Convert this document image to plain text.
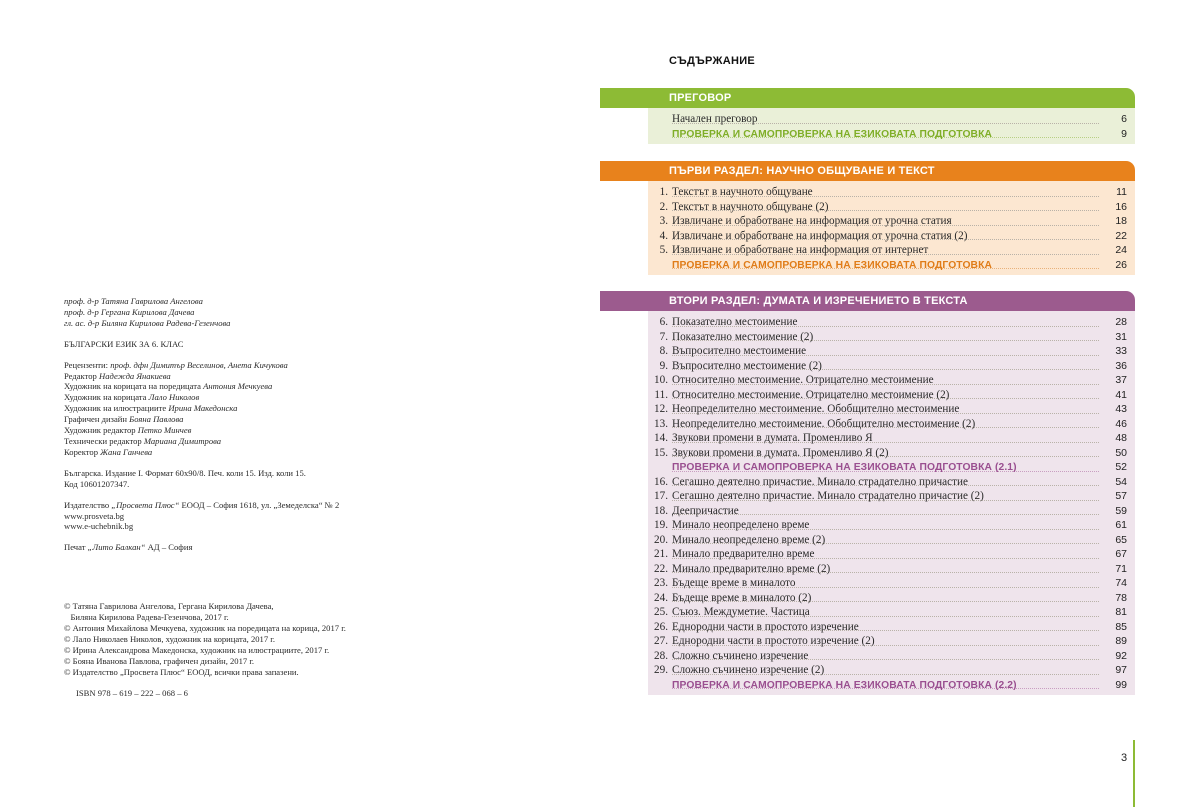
проф. д-р Татяна Гаврилова Ангелова
проф. д-р Гергана Кирилова Дачева
гл. ас. д-р Биляна Кирилова Радева-Гезенчова
БЪЛГАРСКИ ЕЗИК ЗА 6. КЛАС
Рецензенти: проф. дфн Димитър Веселинов, Анета Кичукова
Редактор Надежда Янакиева
Художник на корицата на поредицата Антония Мечкуева
Художник на корицата Лало Николов
Художник на илюстрациите Ирина Македонска
Графичен дизайн Бояна Павлова
Художник редактор Петко Минчев
Технически редактор Мариана Димитрова
Коректор Жана Ганчева
Българска. Издание I. Формат 60х90/8. Печ. коли 15. Изд. коли 15.
Код 10601207347.
Издателство „Просвета Плюс“ ЕООД – София 1618, ул. „Земеделска“ № 2
www.prosveta.bg
www.e-uchebnik.bg
Печат „Лито Балкан“ АД – София
© Татяна Гаврилова Ангелова, Гергана Кирилова Дачева,
Биляна Кирилова Радева-Гезенчова, 2017 г.
© Антония Михайлова Мечкуева, художник на поредицата на корица, 2017 г.
© Лало Николаев Николов, художник на корицата, 2017 г.
© Ирина Александрова Македонска, художник на илюстрациите, 2017 г.
© Бояна Иванова Павлова, графичен дизайн, 2017 г.
© Издателство „Просвета Плюс“ ЕООД, всички права запазени.
ISBN 978 – 619 – 222 – 068 – 6
СЪДЪРЖАНИЕ
ПРЕГОВОР
Начален преговор	6
ПРОВЕРКА И САМОПРОВЕРКА НА ЕЗИКОВАТА ПОДГОТОВКА	9
ПЪРВИ РАЗДЕЛ: НАУЧНО ОБЩУВАНЕ И ТЕКСТ
1. Текстът в научното общуване	11
2. Текстът в научното общуване (2)	16
3. Извличане и обработване на информация от урочна статия	18
4. Извличане и обработване на информация от урочна статия (2)	22
5. Извличане и обработване на информация от интернет	24
ПРОВЕРКА И САМОПРОВЕРКА НА ЕЗИКОВАТА ПОДГОТОВКА	26
ВТОРИ РАЗДЕЛ: ДУМАТА И ИЗРЕЧЕНИЕТО В ТЕКСТА
6. Показателно местоимение	28
7. Показателно местоимение (2)	31
8. Въпросително местоимение	33
9. Въпросително местоимение (2)	36
10. Относително местоимение. Отрицателно местоимение	37
11. Относително местоимение. Отрицателно местоимение (2)	41
12. Неопределително местоимение. Обобщително местоимение	43
13. Неопределително местоимение. Обобщително местоимение (2)	46
14. Звукови промени в думата. Променливо Я	48
15. Звукови промени в думата. Променливо Я (2)	50
ПРОВЕРКА И САМОПРОВЕРКА НА ЕЗИКОВАТА ПОДГОТОВКА (2.1)	52
16. Сегашно деятелно причастие. Минало страдателно причастие	54
17. Сегашно деятелно причастие. Минало страдателно причастие (2)	57
18. Деепричастие	59
19. Минало неопределено време	61
20. Минало неопределено време (2)	65
21. Минало предварително време	67
22. Минало предварително време (2)	71
23. Бъдеще време в миналото	74
24. Бъдеще време в миналото (2)	78
25. Съюз. Междуметие. Частица	81
26. Еднородни части в простото изречение	85
27. Еднородни части в простото изречение (2)	89
28. Сложно съчинено изречение	92
29. Сложно съчинено изречение (2)	97
ПРОВЕРКА И САМОПРОВЕРКА НА ЕЗИКОВАТА ПОДГОТОВКА (2.2)	99
3
